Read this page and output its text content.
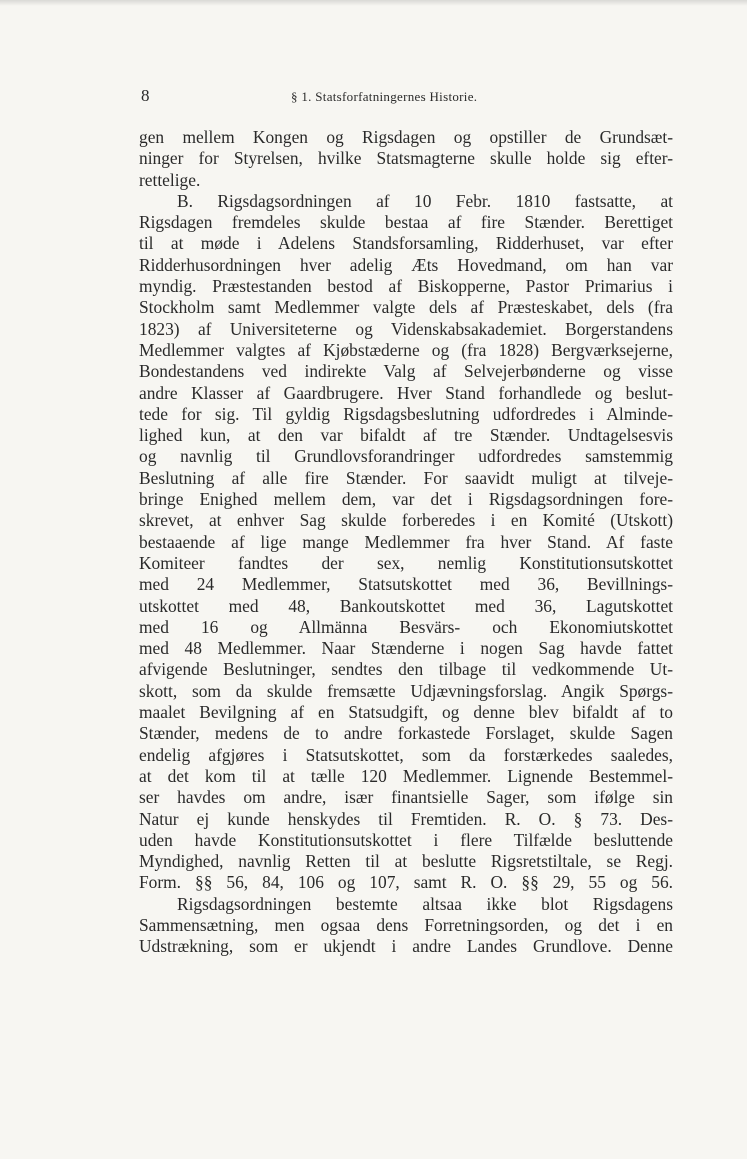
8	§ 1. Statsforfatningernes Historie.
gen mellem Kongen og Rigsdagen og opstiller de Grundsæt-
ninger for Styrelsen, hvilke Statsmagterne skulle holde sig efter-
rettelige.
B. Rigsdagsordningen af 10 Febr. 1810 fastsatte, at
Rigsdagen fremdeles skulde bestaa af fire Stænder. Berettiget
til at møde i Adelens Standsforsamling, Ridderhuset, var efter
Ridderhusordningen hver adelig Æts Hovedmand, om han var
myndig. Præstestanden bestod af Biskopperne, Pastor Primarius i
Stockholm samt Medlemmer valgte dels af Præsteskabet, dels (fra
1823) af Universiteterne og Videnskabsakademiet. Borgerstandens
Medlemmer valgtes af Kjøbstæderne og (fra 1828) Bergværksejerne,
Bondestandens ved indirekte Valg af Selvejerbønderne og visse
andre Klasser af Gaardbrugere. Hver Stand forhandlede og beslut-
tede for sig. Til gyldig Rigsdagsbeslutning udfordredes i Alminde-
lighed kun, at den var bifaldt af tre Stænder. Undtagelsesvis
og navnlig til Grundlovsforandringer udfordredes samstemmig
Beslutning af alle fire Stænder. For saavidt muligt at tilveje-
bringe Enighed mellem dem, var det i Rigsdagsordningen fore-
skrevet, at enhver Sag skulde forberedes i en Komité (Utskott)
bestaaende af lige mange Medlemmer fra hver Stand. Af faste
Komiteer fandtes der sex, nemlig Konstitutionsutskottet
med 24 Medlemmer, Statsutskottet med 36, Bevillnings-
utskottet med 48, Bankoutskottet med 36, Lagutskottet
med 16 og Allmänna Besvärs- och Ekonomiutskottet
med 48 Medlemmer. Naar Stænderne i nogen Sag havde fattet
afvigende Beslutninger, sendtes den tilbage til vedkommende Ut-
skott, som da skulde fremsætte Udjævningsforslag. Angik Spørgs-
maalet Bevilgning af en Statsudgift, og denne blev bifaldt af to
Stænder, medens de to andre forkastede Forslaget, skulde Sagen
endelig afgjøres i Statsutskottet, som da forstærkedes saaledes,
at det kom til at tælle 120 Medlemmer. Lignende Bestemmel-
ser havdes om andre, især finantsielle Sager, som ifølge sin
Natur ej kunde henskydes til Fremtiden. R. O. § 73. Des-
uden havde Konstitutionsutskottet i flere Tilfælde besluttende
Myndighed, navnlig Retten til at beslutte Rigsretstiltale, se Regj.
Form. §§ 56, 84, 106 og 107, samt R. O. §§ 29, 55 og 56.
Rigsdagsordningen bestemte altsaa ikke blot Rigsdagens
Sammensætning, men ogsaa dens Forretningsorden, og det i en
Udstrækning, som er ukjendt i andre Landes Grundlove. Denne
